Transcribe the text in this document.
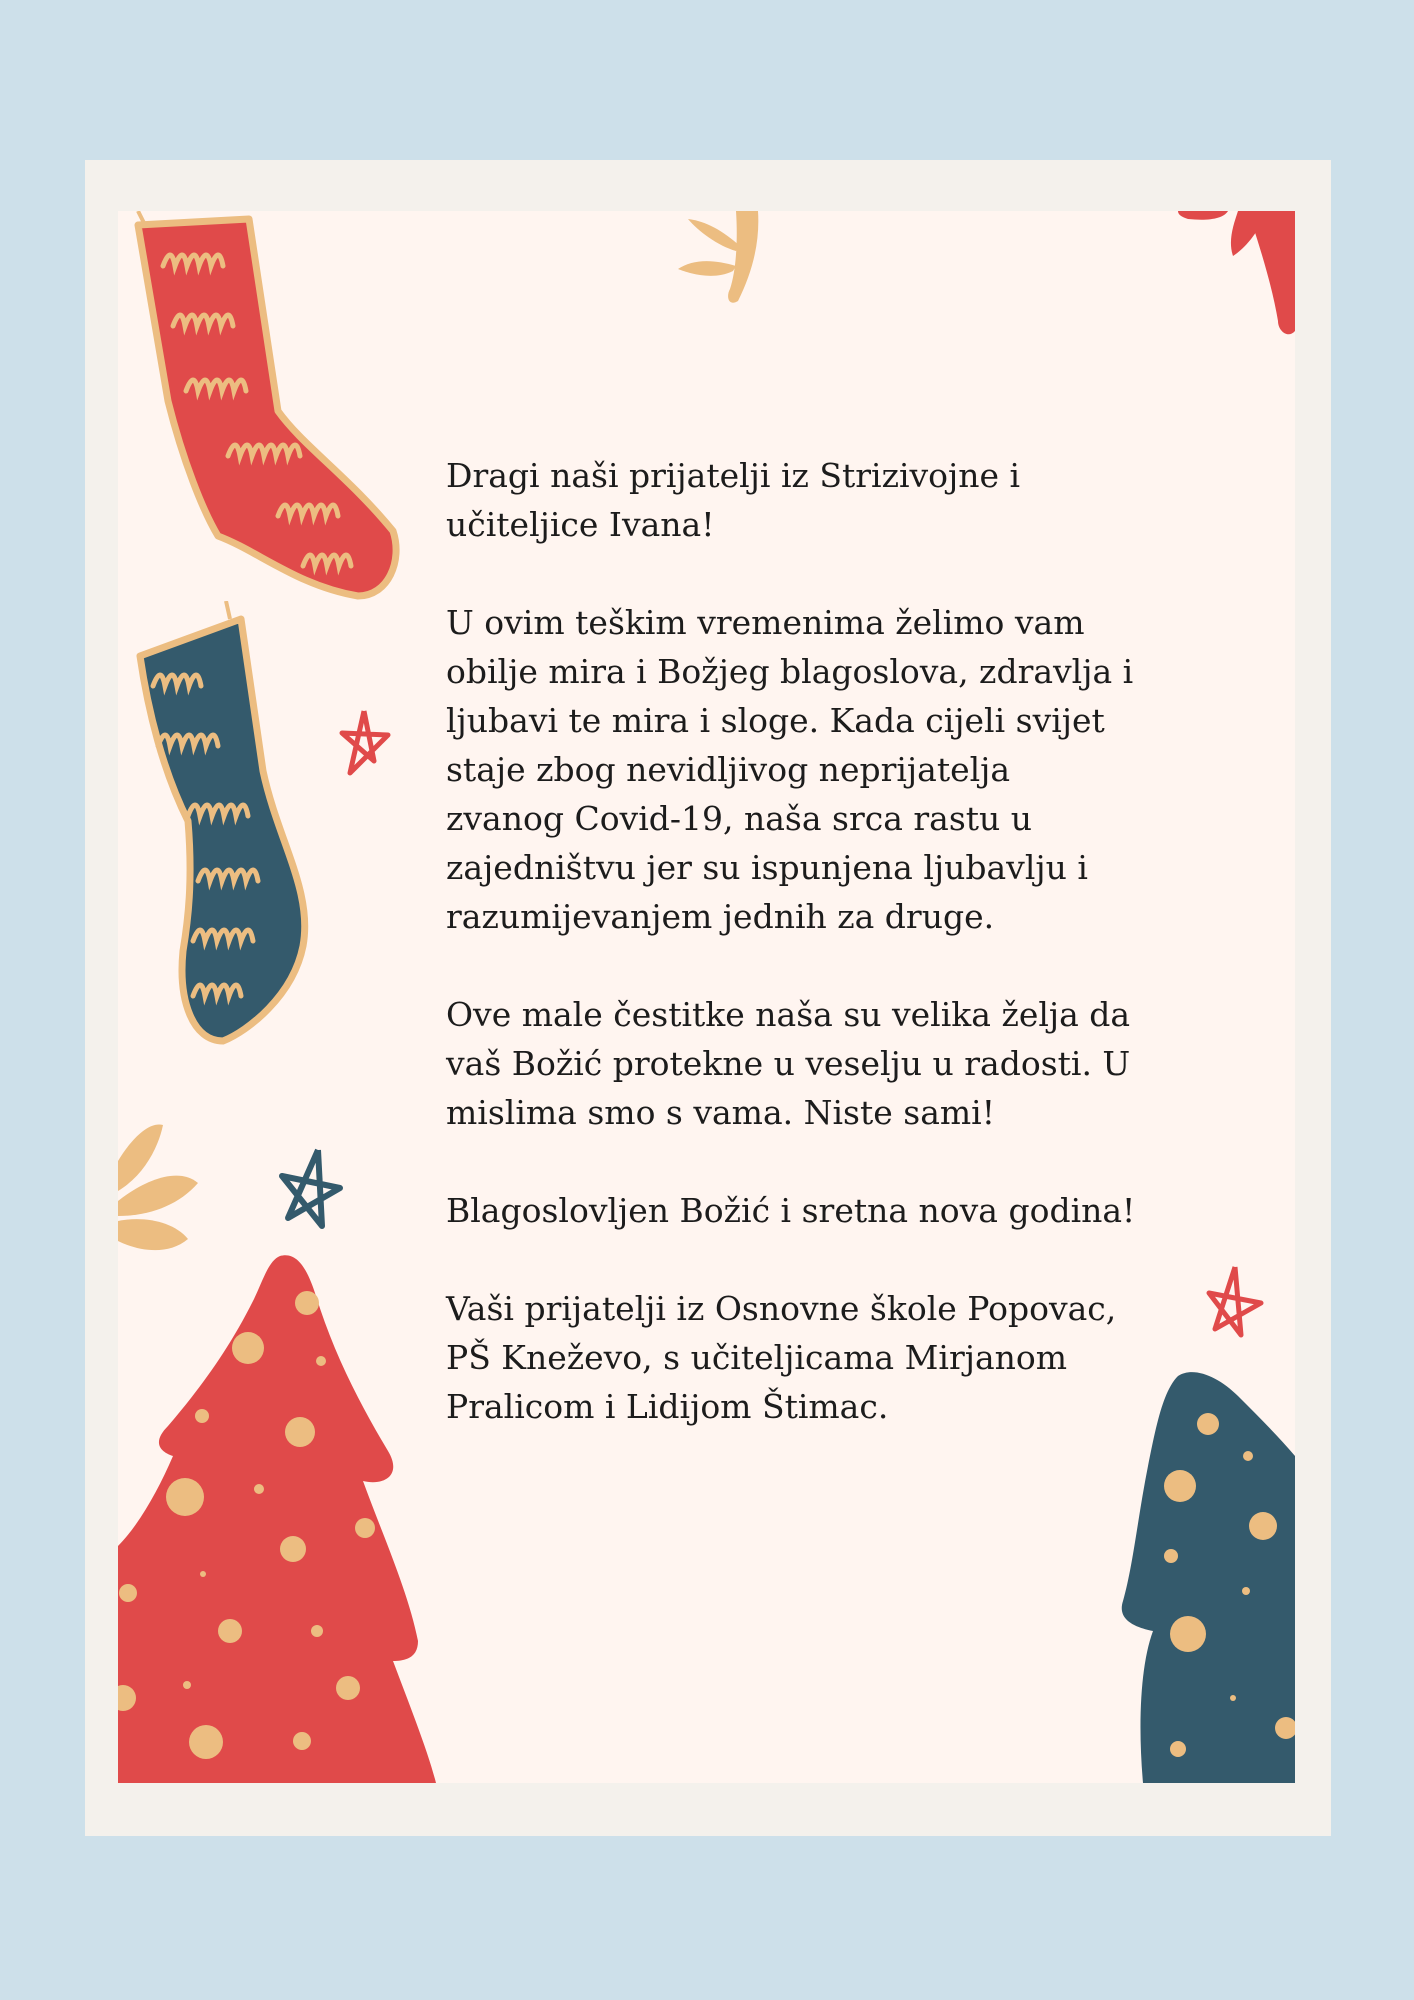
Dragi naši prijatelji iz Strizivojne i
učiteljice Ivana!

U ovim teškim vremenima želimo vam
obilje mira i Božjeg blagoslova, zdravlja i
ljubavi te mira i sloge. Kada cijeli svijet
staje zbog nevidljivog neprijatelja
zvanog Covid-19, naša srca rastu u
zajedništvu jer su ispunjena ljubavlju i
razumijevanjem jednih za druge.

Ove male čestitke naša su velika želja da
vaš Božić protekne u veselju u radosti. U
mislima smo s vama. Niste sami!

Blagoslovljen Božić i sretna nova godina!

Vaši prijatelji iz Osnovne škole Popovac,
PŠ Kneževo, s učiteljicama Mirjanom
Pralicom i Lidijom Štimac.
